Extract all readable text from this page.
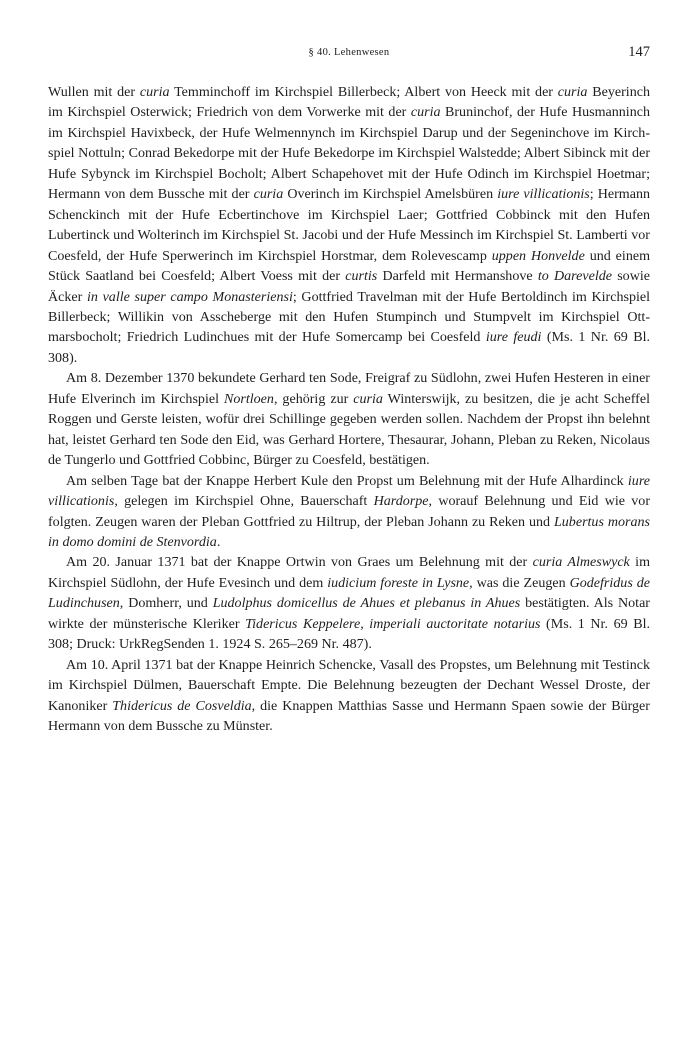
§ 40. Lehenwesen	147

Wullen mit der curia Temminchoff im Kirchspiel Billerbeck; Albert von Heeck mit der curia Beyerinch im Kirchspiel Osterwick; Friedrich von dem Vorwerke mit der curia Bruninchof, der Hufe Husmanninch im Kirchspiel Havixbeck, der Hufe Welmennynch im Kirchspiel Darup und der Segeninchove im Kirchspiel Nottuln; Conrad Bekedorpe mit der Hufe Bekedorpe im Kirchspiel Walstedde; Albert Sibinck mit der Hufe Sybynck im Kirchspiel Bocholt; Albert Schapehovet mit der Hufe Odinch im Kirchspiel Hoetmar; Hermann von dem Bussche mit der curia Overinch im Kirchspiel Amelsbüren iure villicationis; Hermann Schenckinch mit der Hufe Ecbertinchove im Kirchspiel Laer; Gottfried Cobbinck mit den Hufen Lubertinck und Wolterinch im Kirchspiel St. Jacobi und der Hufe Messinch im Kirchspiel St. Lamberti vor Coesfeld, der Hufe Sperwerinch im Kirchspiel Horstmar, dem Rolevescamp uppen Honvelde und einem Stück Saatland bei Coesfeld; Albert Voess mit der curtis Darfeld mit Hermanshove to Darevelde sowie Äcker in valle super campo Monasteriensi; Gottfried Travelman mit der Hufe Bertoldinch im Kirchspiel Billerbeck; Willikin von Asscheberge mit den Hufen Stumpinch und Stumpvelt im Kirchspiel Ottmarsbocholt; Friedrich Ludinchues mit der Hufe Somercamp bei Coesfeld iure feudi (Ms. 1 Nr. 69 Bl. 308).

Am 8. Dezember 1370 bekundete Gerhard ten Sode, Freigraf zu Südlohn, zwei Hufen Hesteren in einer Hufe Elverinch im Kirchspiel Nortloen, gehörig zur curia Winterswijk, zu besitzen, die je acht Scheffel Roggen und Gerste leisten, wofür drei Schillinge gegeben werden sollen. Nachdem der Propst ihn belehnt hat, leistet Gerhard ten Sode den Eid, was Gerhard Hortere, Thesaurar, Johann, Pleban zu Reken, Nicolaus de Tungerlo und Gottfried Cobbinc, Bürger zu Coesfeld, bestätigen.

Am selben Tage bat der Knappe Herbert Kule den Propst um Belehnung mit der Hufe Alhardinck iure villicationis, gelegen im Kirchspiel Ohne, Bauerschaft Hardorpe, worauf Belehnung und Eid wie vor folgten. Zeugen waren der Pleban Gottfried zu Hiltrup, der Pleban Johann zu Reken und Lubertus morans in domo domini de Stenvordia.

Am 20. Januar 1371 bat der Knappe Ortwin von Graes um Belehnung mit der curia Almeswyck im Kirchspiel Südlohn, der Hufe Evesinch und dem iudicium foreste in Lysne, was die Zeugen Godefridus de Ludinchusen, Domherr, und Ludolphus domicellus de Ahues et plebanus in Ahues bestätigten. Als Notar wirkte der münsterische Kleriker Tidericus Keppelere, imperiali auctoritate notarius (Ms. 1 Nr. 69 Bl. 308; Druck: UrkRegSenden 1. 1924 S. 265–269 Nr. 487).

Am 10. April 1371 bat der Knappe Heinrich Schencke, Vasall des Propstes, um Belehnung mit Testinck im Kirchspiel Dülmen, Bauerschaft Empte. Die Belehnung bezeugten der Dechant Wessel Droste, der Kanoniker Thidericus de Cosveldia, die Knappen Matthias Sasse und Hermann Spaen sowie der Bürger Hermann von dem Bussche zu Münster.
